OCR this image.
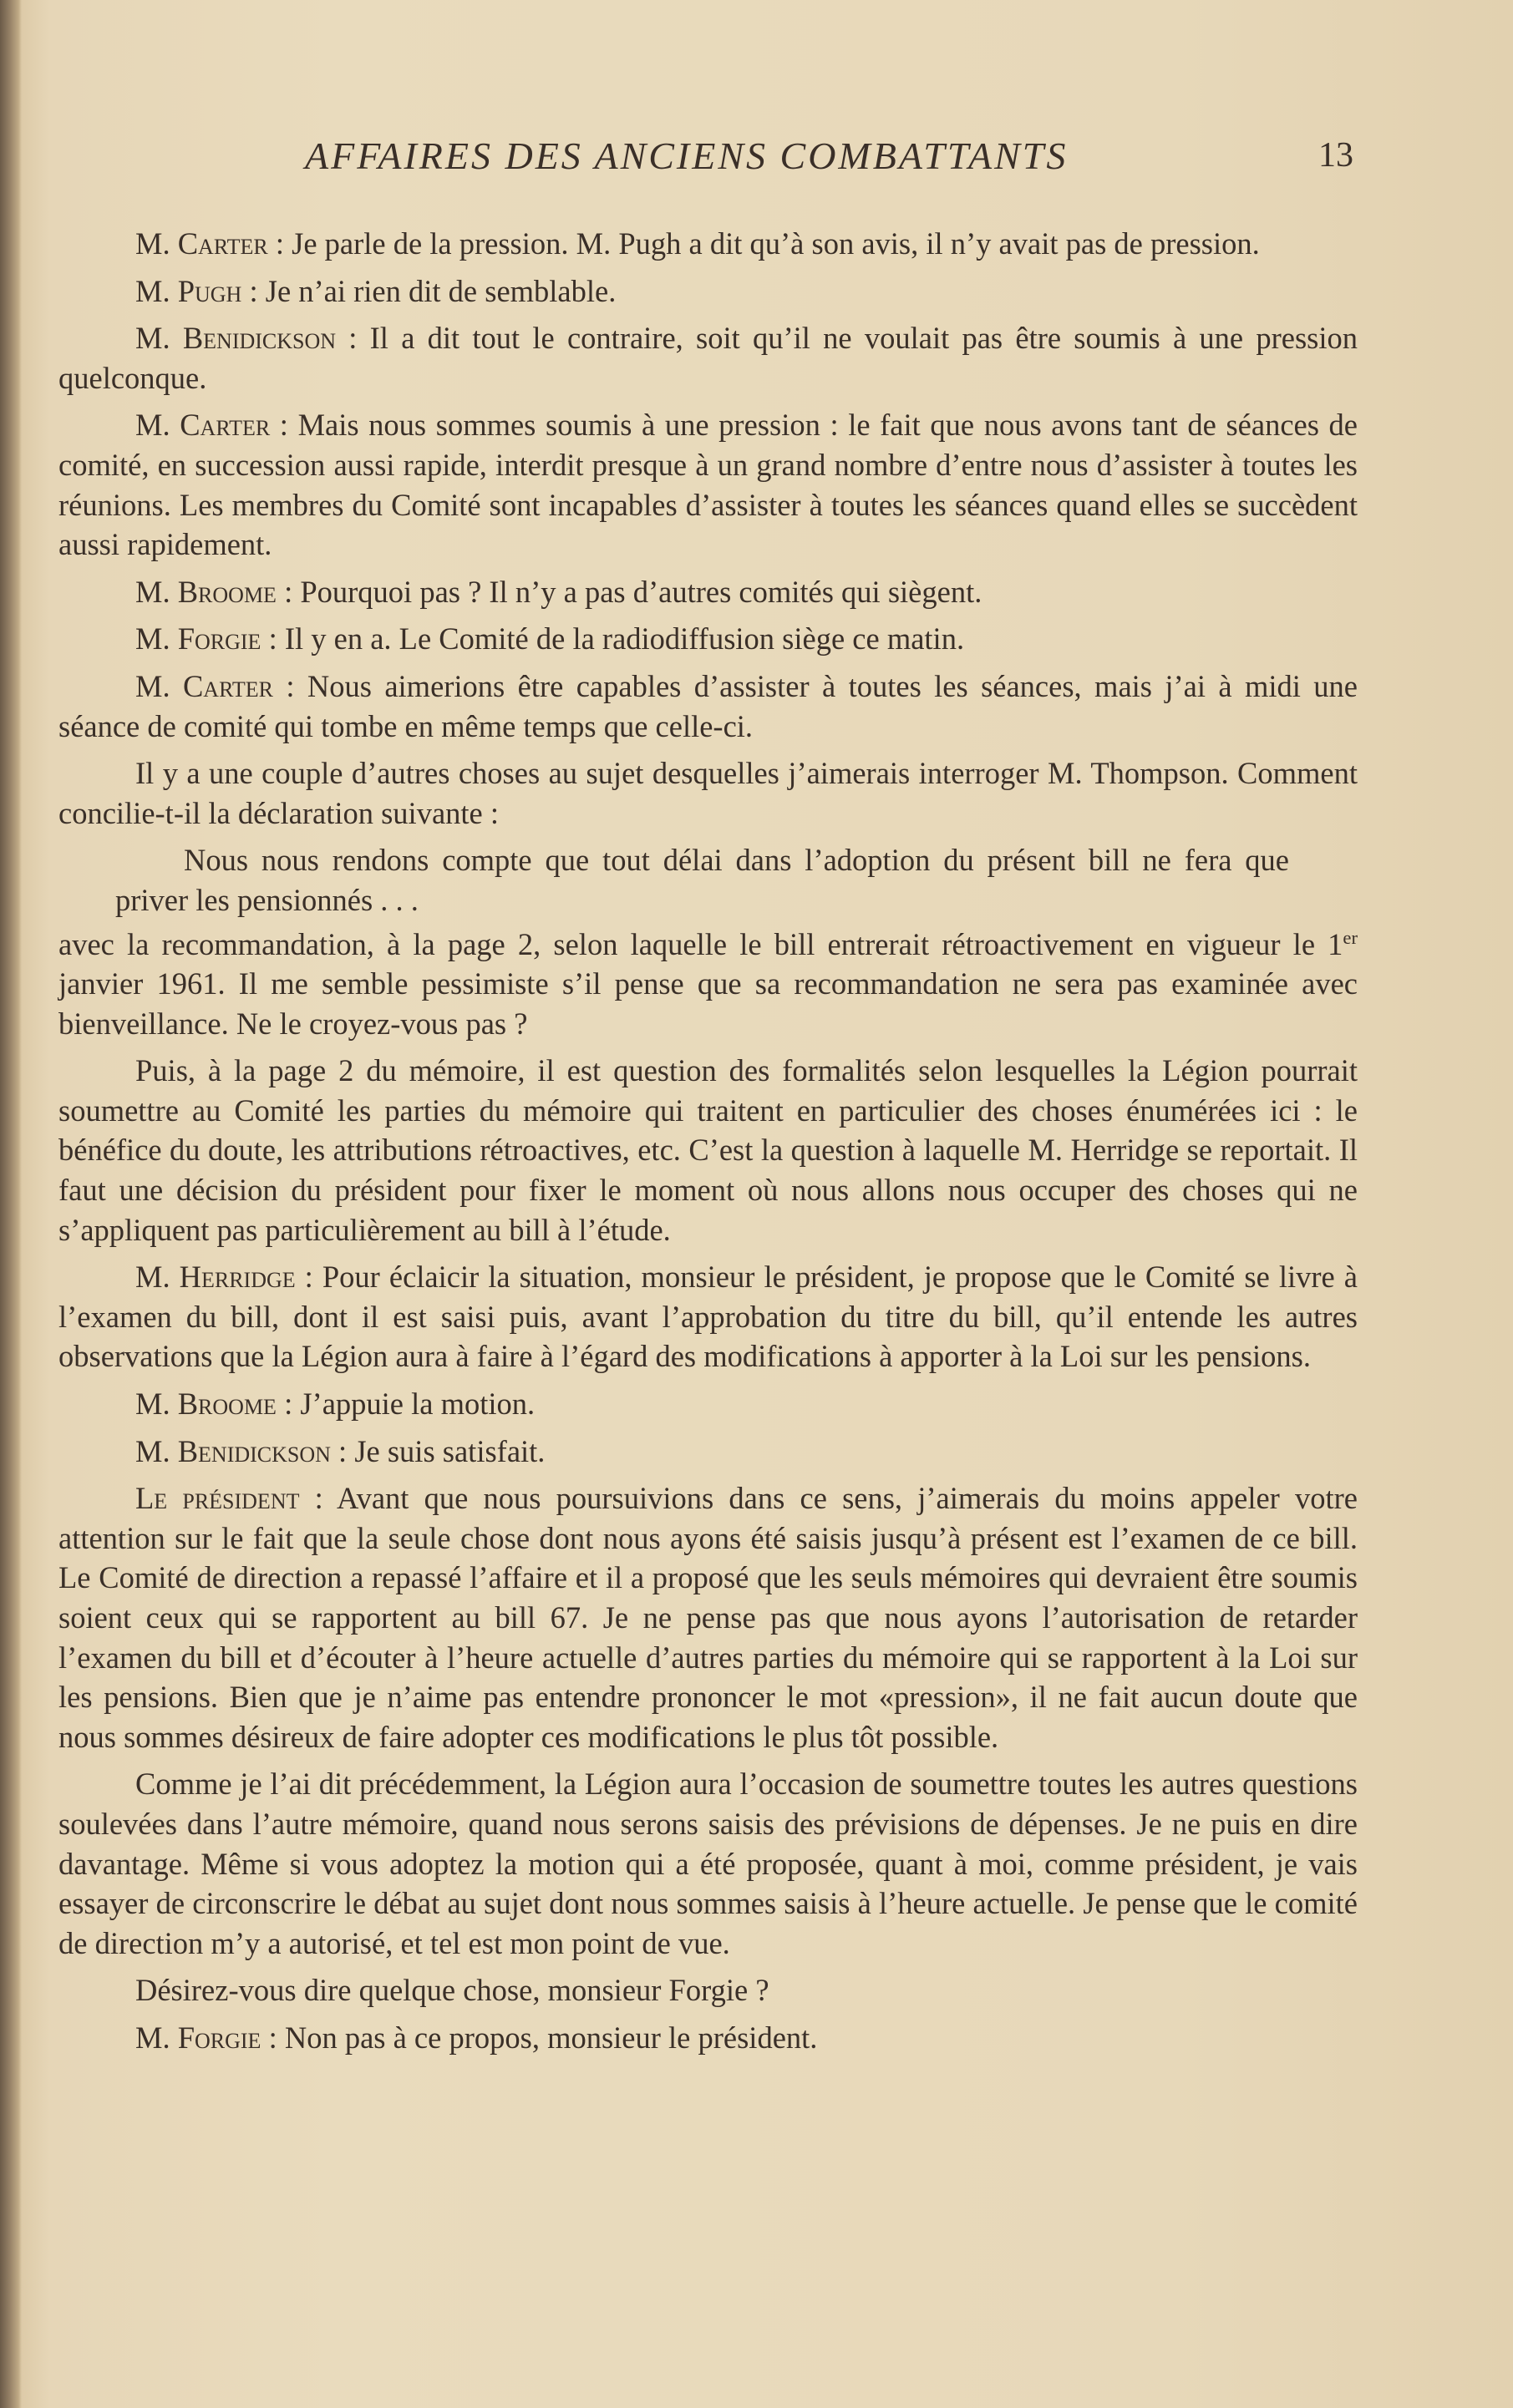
AFFAIRES DES ANCIENS COMBATTANTS	13

M. Carter : Je parle de la pression. M. Pugh a dit qu’à son avis, il n’y avait pas de pression.

M. Pugh : Je n’ai rien dit de semblable.

M. Benidickson : Il a dit tout le contraire, soit qu’il ne voulait pas être soumis à une pression quelconque.

M. Carter : Mais nous sommes soumis à une pression : le fait que nous avons tant de séances de comité, en succession aussi rapide, interdit presque à un grand nombre d’entre nous d’assister à toutes les réunions. Les membres du Comité sont incapables d’assister à toutes les séances quand elles se succèdent aussi rapidement.

M. Broome : Pourquoi pas ? Il n’y a pas d’autres comités qui siègent.

M. Forgie : Il y en a. Le Comité de la radiodiffusion siège ce matin.

M. Carter : Nous aimerions être capables d’assister à toutes les séances, mais j’ai à midi une séance de comité qui tombe en même temps que celle-ci.

Il y a une couple d’autres choses au sujet desquelles j’aimerais interroger M. Thompson. Comment concilie-t-il la déclaration suivante :

Nous nous rendons compte que tout délai dans l’adoption du présent bill ne fera que priver les pensionnés . . .

avec la recommandation, à la page 2, selon laquelle le bill entrerait rétroactivement en vigueur le 1er janvier 1961. Il me semble pessimiste s’il pense que sa recommandation ne sera pas examinée avec bienveillance. Ne le croyez-vous pas ?

Puis, à la page 2 du mémoire, il est question des formalités selon lesquelles la Légion pourrait soumettre au Comité les parties du mémoire qui traitent en particulier des choses énumérées ici : le bénéfice du doute, les attributions rétroactives, etc. C’est la question à laquelle M. Herridge se reportait. Il faut une décision du président pour fixer le moment où nous allons nous occuper des choses qui ne s’appliquent pas particulièrement au bill à l’étude.

M. Herridge : Pour éclaicir la situation, monsieur le président, je propose que le Comité se livre à l’examen du bill, dont il est saisi puis, avant l’approbation du titre du bill, qu’il entende les autres observations que la Légion aura à faire à l’égard des modifications à apporter à la Loi sur les pensions.

M. Broome : J’appuie la motion.

M. Benidickson : Je suis satisfait.

Le président : Avant que nous poursuivions dans ce sens, j’aimerais du moins appeler votre attention sur le fait que la seule chose dont nous ayons été saisis jusqu’à présent est l’examen de ce bill. Le Comité de direction a repassé l’affaire et il a proposé que les seuls mémoires qui devraient être soumis soient ceux qui se rapportent au bill 67. Je ne pense pas que nous ayons l’autorisation de retarder l’examen du bill et d’écouter à l’heure actuelle d’autres parties du mémoire qui se rapportent à la Loi sur les pensions. Bien que je n’aime pas entendre prononcer le mot «pression», il ne fait aucun doute que nous sommes désireux de faire adopter ces modifications le plus tôt possible.

Comme je l’ai dit précédemment, la Légion aura l’occasion de soumettre toutes les autres questions soulevées dans l’autre mémoire, quand nous serons saisis des prévisions de dépenses. Je ne puis en dire davantage. Même si vous adoptez la motion qui a été proposée, quant à moi, comme président, je vais essayer de circonscrire le débat au sujet dont nous sommes saisis à l’heure actuelle. Je pense que le comité de direction m’y a autorisé, et tel est mon point de vue.

Désirez-vous dire quelque chose, monsieur Forgie ?

M. Forgie : Non pas à ce propos, monsieur le président.
